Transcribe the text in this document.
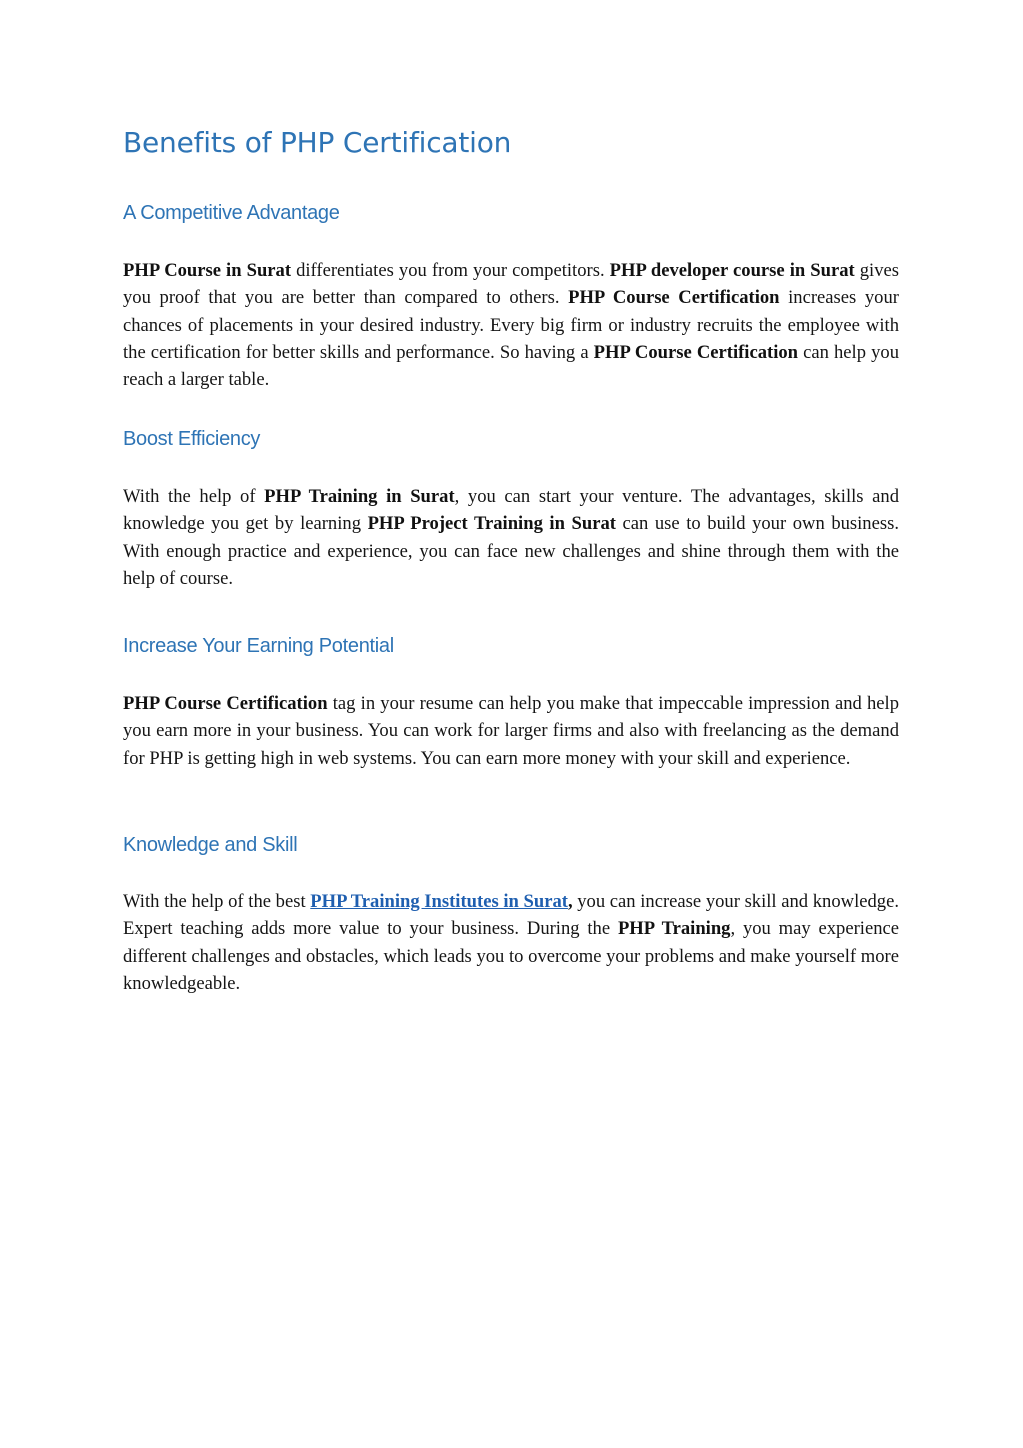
Benefits of PHP Certification
A Competitive Advantage

PHP Course in Surat differentiates you from your competitors. PHP developer course in Surat gives you proof that you are better than compared to others. PHP Course Certification increases your chances of placements in your desired industry. Every big firm or industry recruits the employee with the certification for better skills and performance. So having a PHP Course Certification can help you reach a larger table.

Boost Efficiency

With the help of PHP Training in Surat, you can start your venture. The advantages, skills and knowledge you get by learning PHP Project Training in Surat can use to build your own business. With enough practice and experience, you can face new challenges and shine through them with the help of course.

Increase Your Earning Potential

PHP Course Certification tag in your resume can help you make that impeccable impression and help you earn more in your business. You can work for larger firms and also with freelancing as the demand for PHP is getting high in web systems. You can earn more money with your skill and experience.

Knowledge and Skill

With the help of the best PHP Training Institutes in Surat, you can increase your skill and knowledge. Expert teaching adds more value to your business. During the PHP Training, you may experience different challenges and obstacles, which leads you to overcome your problems and make yourself more knowledgeable.
